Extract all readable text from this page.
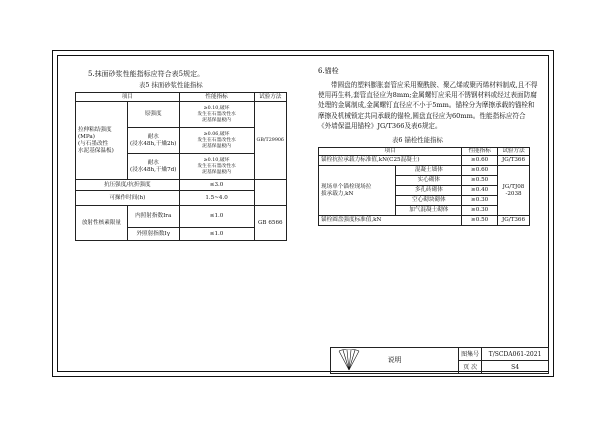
5.抹面砂浆性能指标应符合表5规定。
表5 抹面砂浆性能指标
项目		性能指标	试验方法
拉伸粘结强度
(MPa)
(与石墨改性
水泥基保温板)	原强度	≥0.10,破坏
发生在石墨改性水
泥基保温板内	GB/T29906
	耐水
(浸水48h,干燥2h)	≥0.06,破坏
发生在石墨改性水
泥基保温板内	
	耐水
(浸水48h,干燥7d)	≥0.10,破坏
发生在石墨改性水
泥基保温板内	
抗压强度/抗折强度		≤3.0	
可操作时间(h)		1.5~4.0	
放射性核素限量	内照射指数Ira	≤1.0	GB 6566
	外照射指数Iγ	≤1.0	
6.锚栓

带圆盘的塑料膨胀套管应采用聚酰胺、聚乙烯或聚丙烯材料制成,且不得使用再生料,套管直径应为8mm;金属螺钉应采用不锈钢材料或经过表面防腐处理的金属制成,金属螺钉直径应不小于5mm。锚栓分为摩擦承载的锚栓和摩擦及机械锁定共同承载的锚栓,圆盘直径应为60mm。性能指标应符合《外墙保温用锚栓》JG/T366及表6规定。

表6 锚栓性能指标
项目		性能指标	试验方法
锚栓抗拉承载力标准值,kN(C25混凝土)		≥0.60	JG/T366
现场单个锚栓现场拉
拔承载力,kN	混凝土墙体	≥0.60	JG/TJ08
-2038
	实心砌体	≥0.50	
	多孔砖砌体	≥0.40	
	空心砌块砌体	≥0.30	
	加气混凝土砌体	≥0.30	
锚栓圆盘强度标准值,kN		≥0.50	JG/T366
说明	图集号	T/SCDA061-2021
	页 次	S4
